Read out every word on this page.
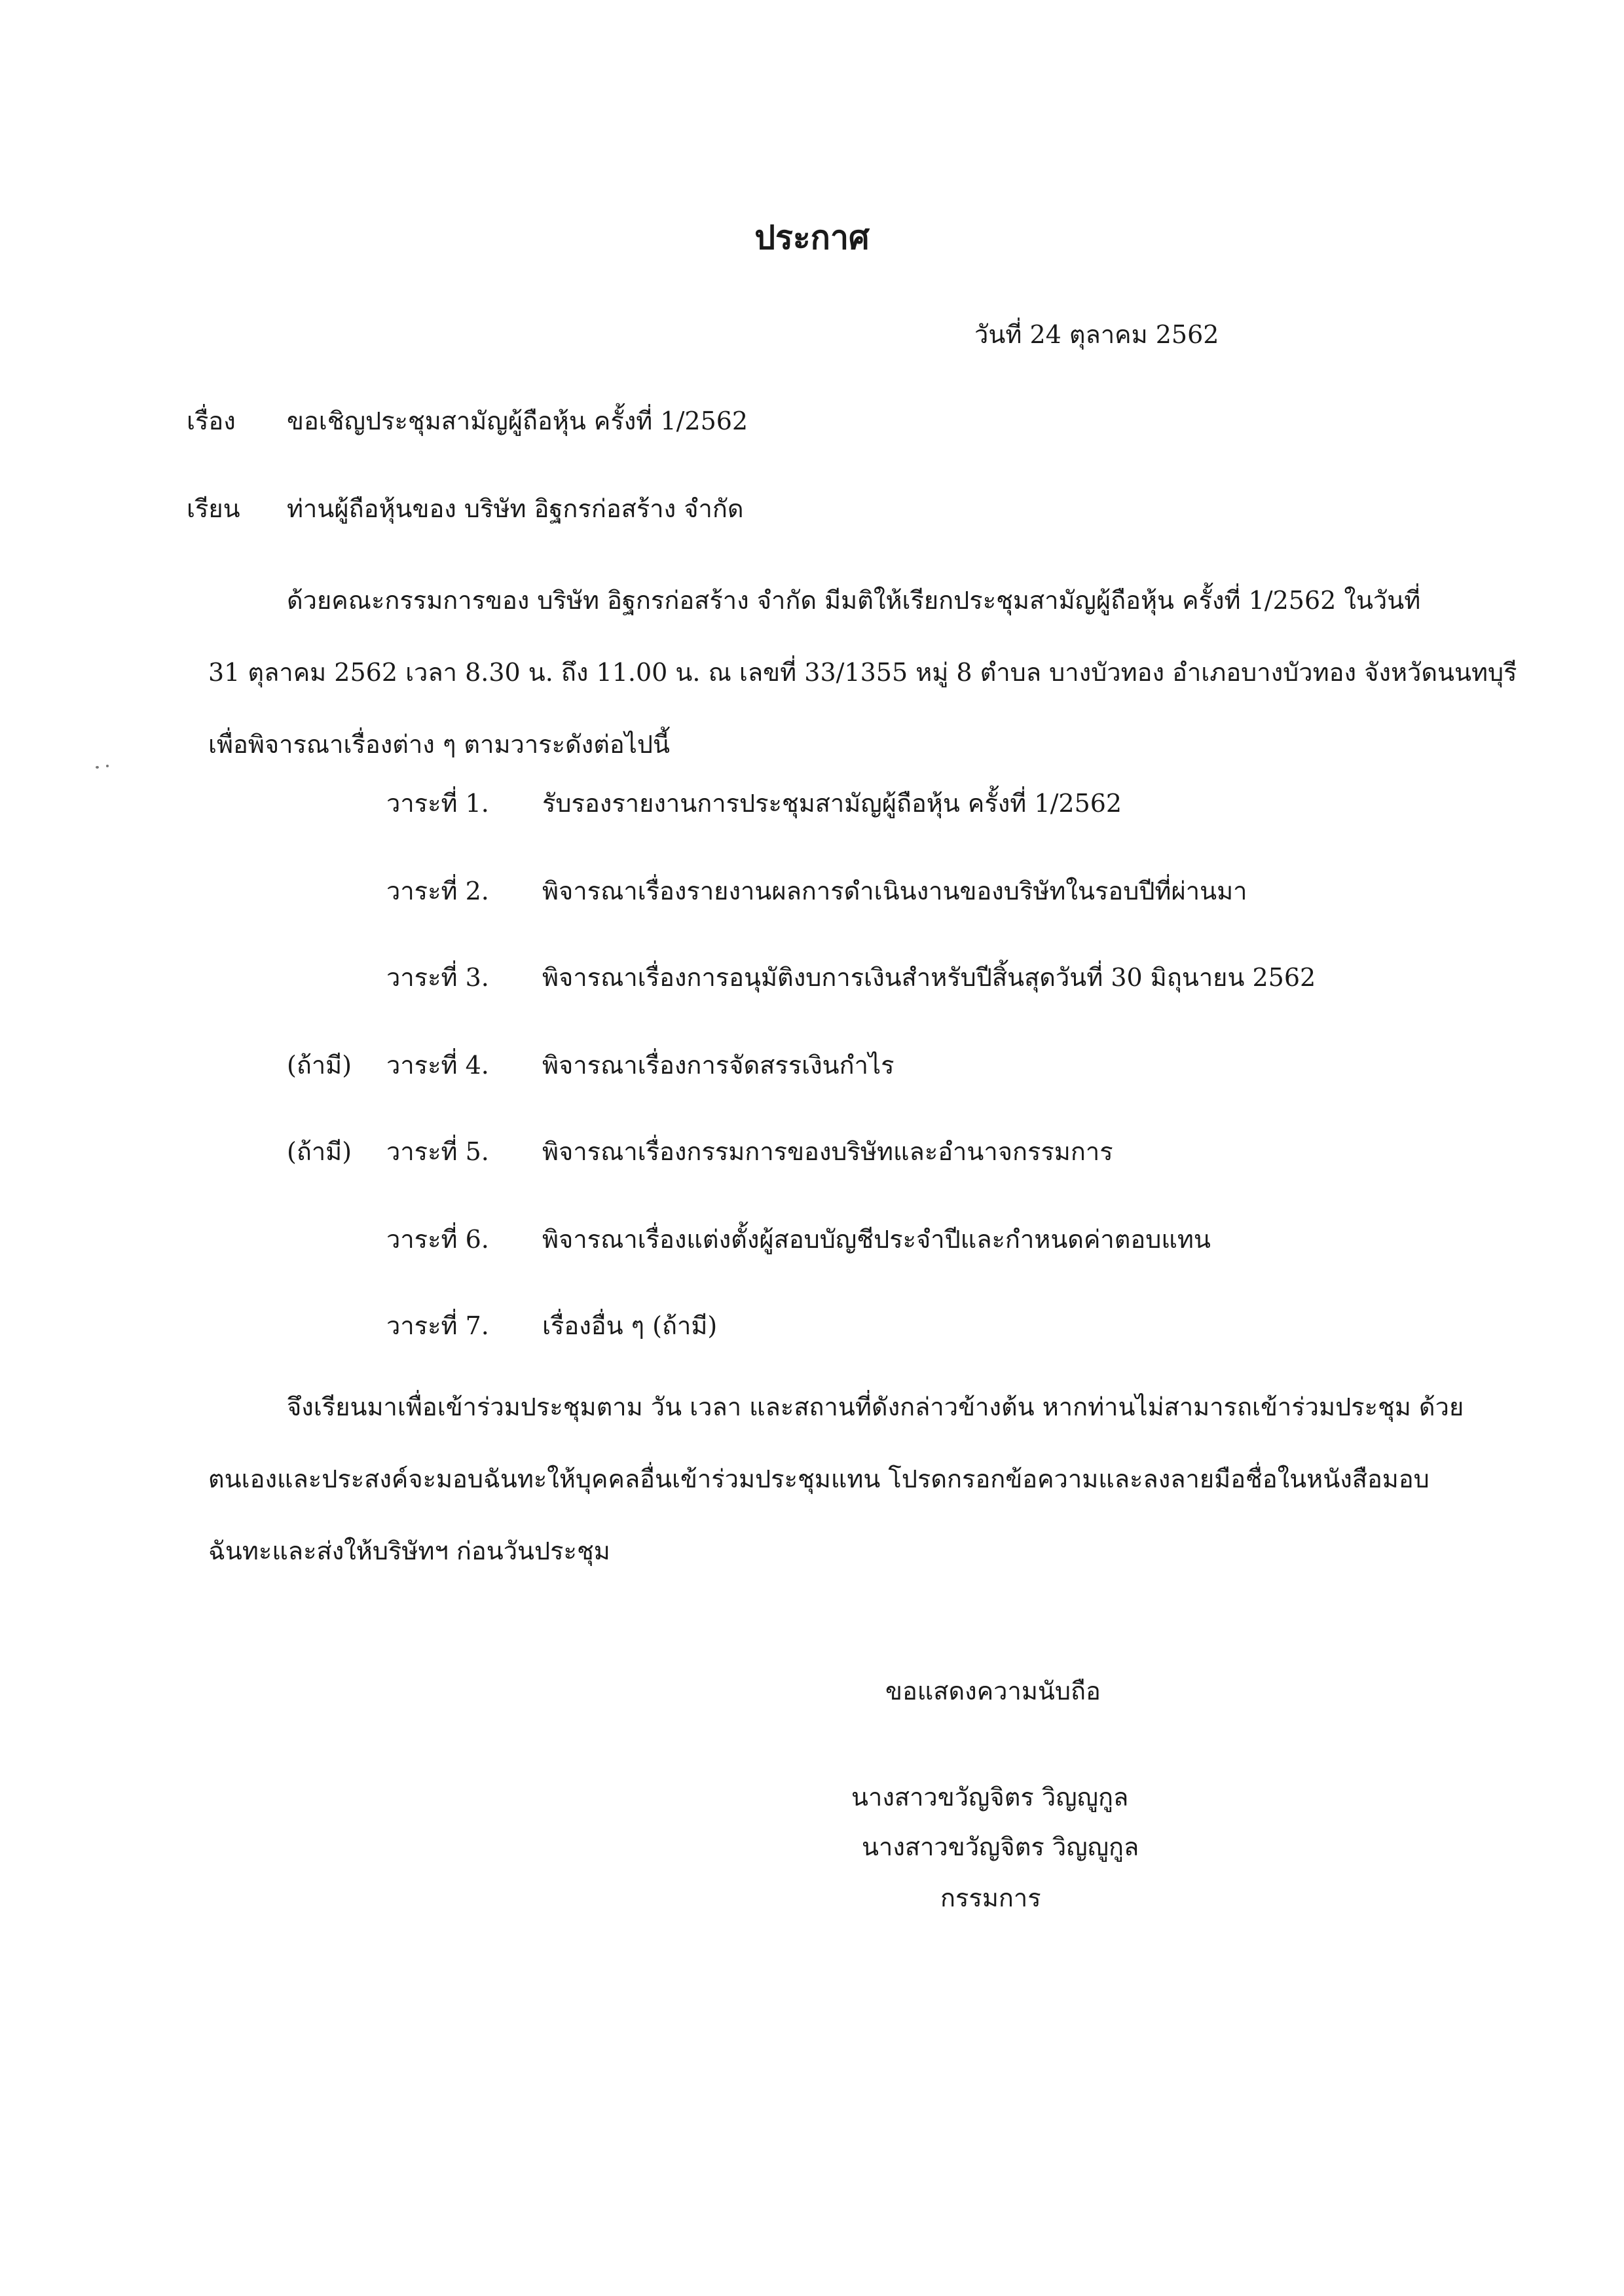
ประกาศ
วันที่ 24 ตุลาคม 2562
เรื่อง ขอเชิญประชุมสามัญผู้ถือหุ้น ครั้งที่ 1/2562
เรียน ท่านผู้ถือหุ้นของ บริษัท อิฐกรก่อสร้าง จำกัด
ด้วยคณะกรรมการของ บริษัท อิฐกรก่อสร้าง จำกัด มีมติให้เรียกประชุมสามัญผู้ถือหุ้น ครั้งที่ 1/2562 ในวันที่
31 ตุลาคม 2562 เวลา 8.30 น. ถึง 11.00 น. ณ เลขที่ 33/1355 หมู่ 8 ตำบล บางบัวทอง อำเภอบางบัวทอง จังหวัดนนทบุรี
เพื่อพิจารณาเรื่องต่าง ๆ ตามวาระดังต่อไปนี้
วาระที่ 1. รับรองรายงานการประชุมสามัญผู้ถือหุ้น ครั้งที่ 1/2562
วาระที่ 2. พิจารณาเรื่องรายงานผลการดำเนินงานของบริษัทในรอบปีที่ผ่านมา
วาระที่ 3. พิจารณาเรื่องการอนุมัติงบการเงินสำหรับปีสิ้นสุดวันที่ 30 มิถุนายน 2562
(ถ้ามี) วาระที่ 4. พิจารณาเรื่องการจัดสรรเงินกำไร
(ถ้ามี) วาระที่ 5. พิจารณาเรื่องกรรมการของบริษัทและอำนาจกรรมการ
วาระที่ 6. พิจารณาเรื่องแต่งตั้งผู้สอบบัญชีประจำปีและกำหนดค่าตอบแทน
วาระที่ 7. เรื่องอื่น ๆ (ถ้ามี)
จึงเรียนมาเพื่อเข้าร่วมประชุมตาม วัน เวลา และสถานที่ดังกล่าวข้างต้น หากท่านไม่สามารถเข้าร่วมประชุม ด้วย
ตนเองและประสงค์จะมอบฉันทะให้บุคคลอื่นเข้าร่วมประชุมแทน โปรดกรอกข้อความและลงลายมือชื่อในหนังสือมอบ
ฉันทะและส่งให้บริษัทฯ ก่อนวันประชุม
ขอแสดงความนับถือ
นางสาวขวัญจิตร วิญญูกูล
นางสาวขวัญจิตร วิญญูกูล
กรรมการ
